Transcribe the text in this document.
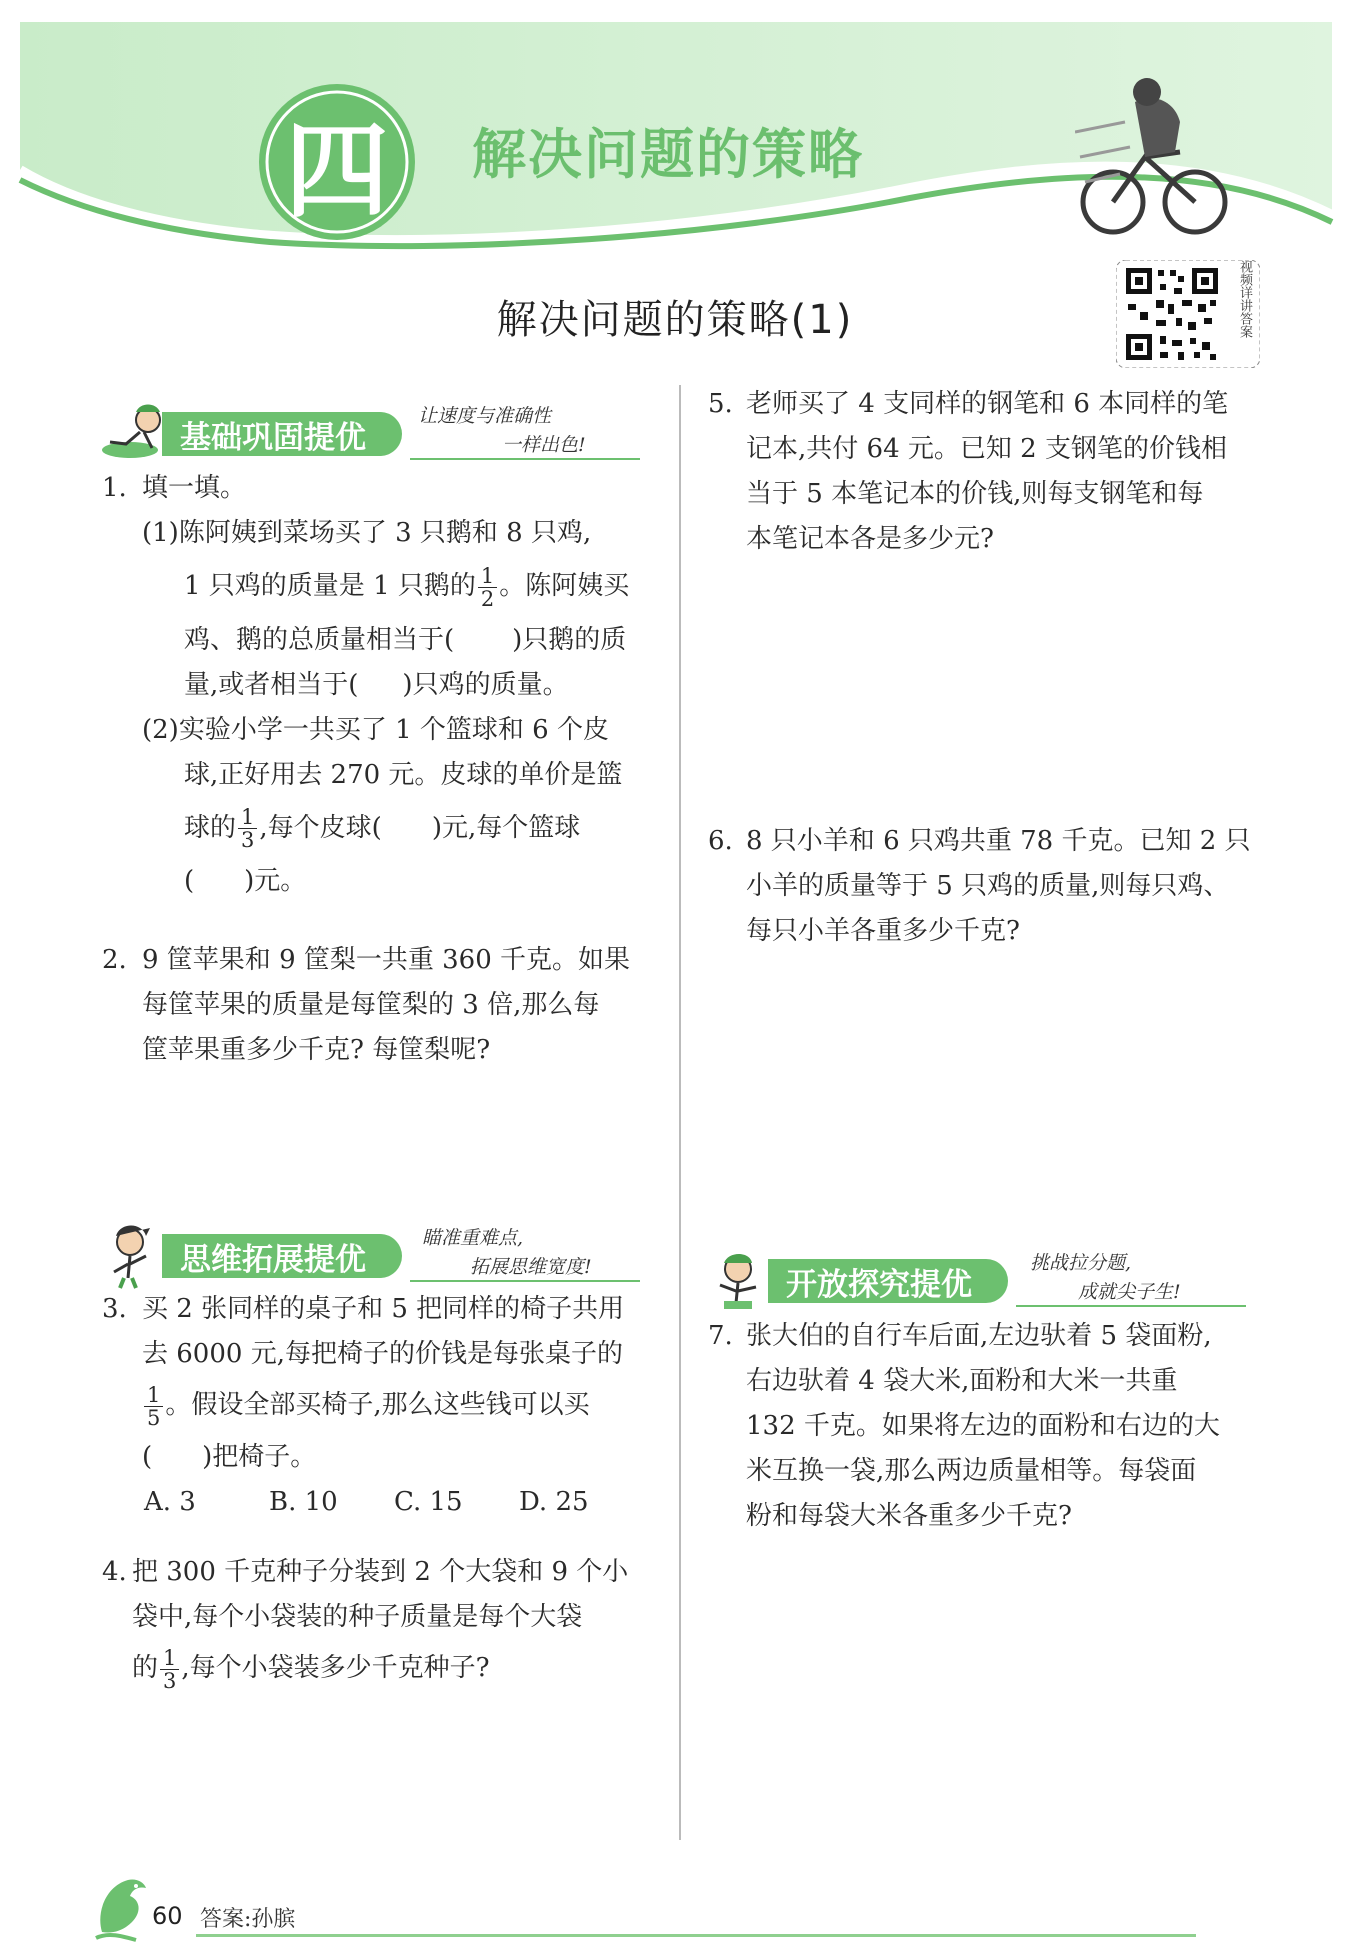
四	解决问题的策略
视频详讲答案
解决问题的策略(1)
基础巩固提优
让速度与准确性
一样出色!
1. 填一填。
(1)陈阿姨到菜场买了 3 只鹅和 8 只鸡,
1 只鸡的质量是 1 只鹅的 $\frac{1}{2}$ 。陈阿姨买
鸡、鹅的总质量相当于( )只鹅的质
量,或者相当于( )只鸡的质量。
(2)实验小学一共买了 1 个篮球和 6 个皮
球,正好用去 270 元。皮球的单价是篮
球的 $\frac{1}{3}$ ,每个皮球( )元,每个篮球
( )元。
2. 9 筐苹果和 9 筐梨一共重 360 千克。如果
每筐苹果的质量是每筐梨的 3 倍,那么每
筐苹果重多少千克? 每筐梨呢?
思维拓展提优
瞄准重难点,
拓展思维宽度!
3. 买 2 张同样的桌子和 5 把同样的椅子共用
去 6000 元,每把椅子的价钱是每张桌子的
$\frac{1}{5}$ 。假设全部买椅子,那么这些钱可以买
( )把椅子。
A. 3	B. 10 C. 15 D. 25
4. 把 300 千克种子分装到 2 个大袋和 9 个小
袋中,每个小袋装的种子质量是每个大袋
的 $\frac{1}{3}$ ,每个小袋装多少千克种子?
5. 老师买了 4 支同样的钢笔和 6 本同样的笔
记本,共付 64 元。已知 2 支钢笔的价钱相
当于 5 本笔记本的价钱,则每支钢笔和每
本笔记本各是多少元?
6. 8 只小羊和 6 只鸡共重 78 千克。已知 2 只
小羊的质量等于 5 只鸡的质量,则每只鸡、
每只小羊各重多少千克?
开放探究提优
挑战拉分题,
成就尖子生!
7. 张大伯的自行车后面,左边驮着 5 袋面粉,
右边驮着 4 袋大米,面粉和大米一共重
132 千克。如果将左边的面粉和右边的大
米互换一袋,那么两边质量相等。每袋面
粉和每袋大米各重多少千克?
60 答案:孙膑
